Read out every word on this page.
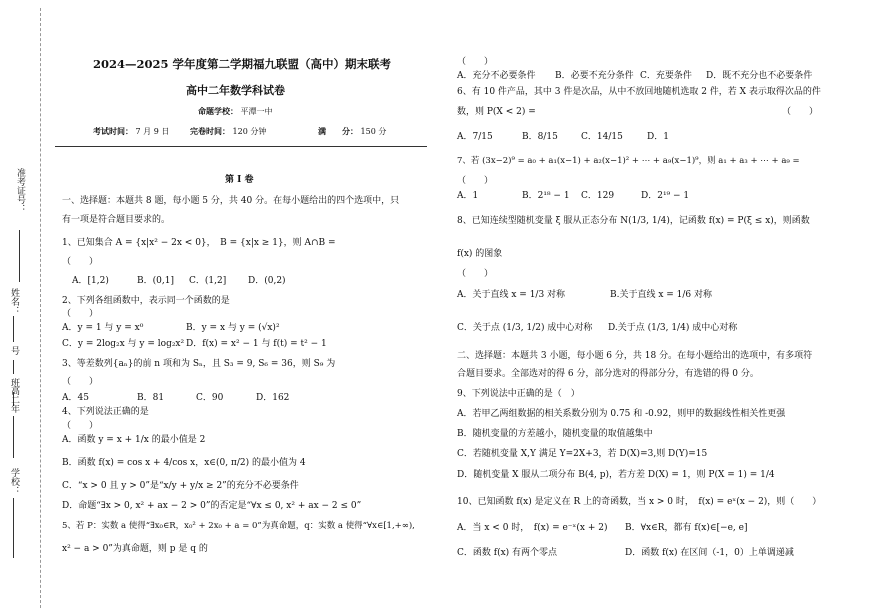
准考证号：
姓名：
号
班
高二年
学校：
2024—2025 学年度第二学期福九联盟（高中）期末联考
高中二年数学科试卷
命题学校： 平潭一中
考试时间： 7 月 9 日	完卷时间： 120 分钟	满　　分： 150 分
第 I 卷
一、选择题：本题共 8 题，每小题 5 分，共 40 分。在每小题给出的四个选项中，只
有一项是符合题目要求的。
1、已知集合 A = {x|x² − 2x < 0}，　B = {x|x ≥ 1}，则 A∩B =
（　　）
A．[1,2)	B．(0,1] C．(1,2] D．(0,2)
2、下列各组函数中，表示同一个函数的是
（　　）
A．y = 1 与 y = x⁰	B．y = x 与 y = (√x)²
C．y = 2log₂x 与 y = log₂x² D．f(x) = x² − 1 与 f(t) = t² − 1
3、等差数列{aₙ}的前 n 项和为 Sₙ，且 S₃ = 9, S₆ = 36，则 S₉ 为
（　　）
A．45	B．81	C．90	D．162
4、下列说法正确的是
（　　）
A．函数 y = x + 1/x 的最小值是 2
B．函数 f(x) = cos x + 4/cos x，x∈(0, π/2) 的最小值为 4
C．“x > 0 且 y > 0”是“x/y + y/x ≥ 2”的充分不必要条件
D．命题“∃x > 0, x² + ax − 2 > 0”的否定是“∀x ≤ 0, x² + ax − 2 ≤ 0”
5、若 P：实数 a 使得“∃x₀∈R，x₀² + 2x₀ + a = 0”为真命题，q：实数 a 使得“∀x∈[1,+∞),
x² − a > 0”为真命题，则 p 是 q 的
（　　）
A．充分不必要条件 B．必要不充分条件 C．充要条件 D．既不充分也不必要条件
6、有 10 件产品，其中 3 件是次品，从中不放回地随机选取 2 件，若 X 表示取得次品的件
数，则 P(X < 2) =	（　　）
A．7/15	B．8/15	C．14/15	D．1
7、若 (3x−2)⁹ = a₀ + a₁(x−1) + a₂(x−1)² + ⋯ + a₉(x−1)⁹，则 a₁ + a₃ + ⋯ + a₉ =
（　　）
A．1	B．2¹⁸ − 1 C．129	D．2¹⁹ − 1
8、已知连续型随机变量 ξ 服从正态分布 N(1/3, 1/4)，记函数 f(x) = P(ξ ≤ x)，则函数
f(x) 的图象
（　　）
A．关于直线 x = 1/3 对称	B.关于直线 x = 1/6 对称
C．关于点 (1/3, 1/2) 成中心对称 D.关于点 (1/3, 1/4) 成中心对称
二、选择题：本题共 3 小题，每小题 6 分，共 18 分。在每小题给出的选项中，有多项符
合题目要求。全部选对的得 6 分，部分选对的得部分分，有选错的得 0 分。
9、下列说法中正确的是（　）
A．若甲乙两组数据的相关系数分别为 0.75 和 -0.92，则甲的数据线性相关性更强
B．随机变量的方差越小，随机变量的取值越集中
C．若随机变量 X,Y 满足 Y=2X+3，若 D(X)=3,则 D(Y)=15
D．随机变量 X 服从二项分布 B(4, p)，若方差 D(X) = 1，则 P(X = 1) = 1/4
10、已知函数 f(x) 是定义在 R 上的奇函数，当 x > 0 时，　f(x) = eˣ(x − 2)，则（　　）
A．当 x < 0 时，　f(x) = e⁻ˣ(x + 2) B．∀x∈R，都有 f(x)∈[−e, e]
C．函数 f(x) 有两个零点	D．函数 f(x) 在区间（-1，0）上单调递减
